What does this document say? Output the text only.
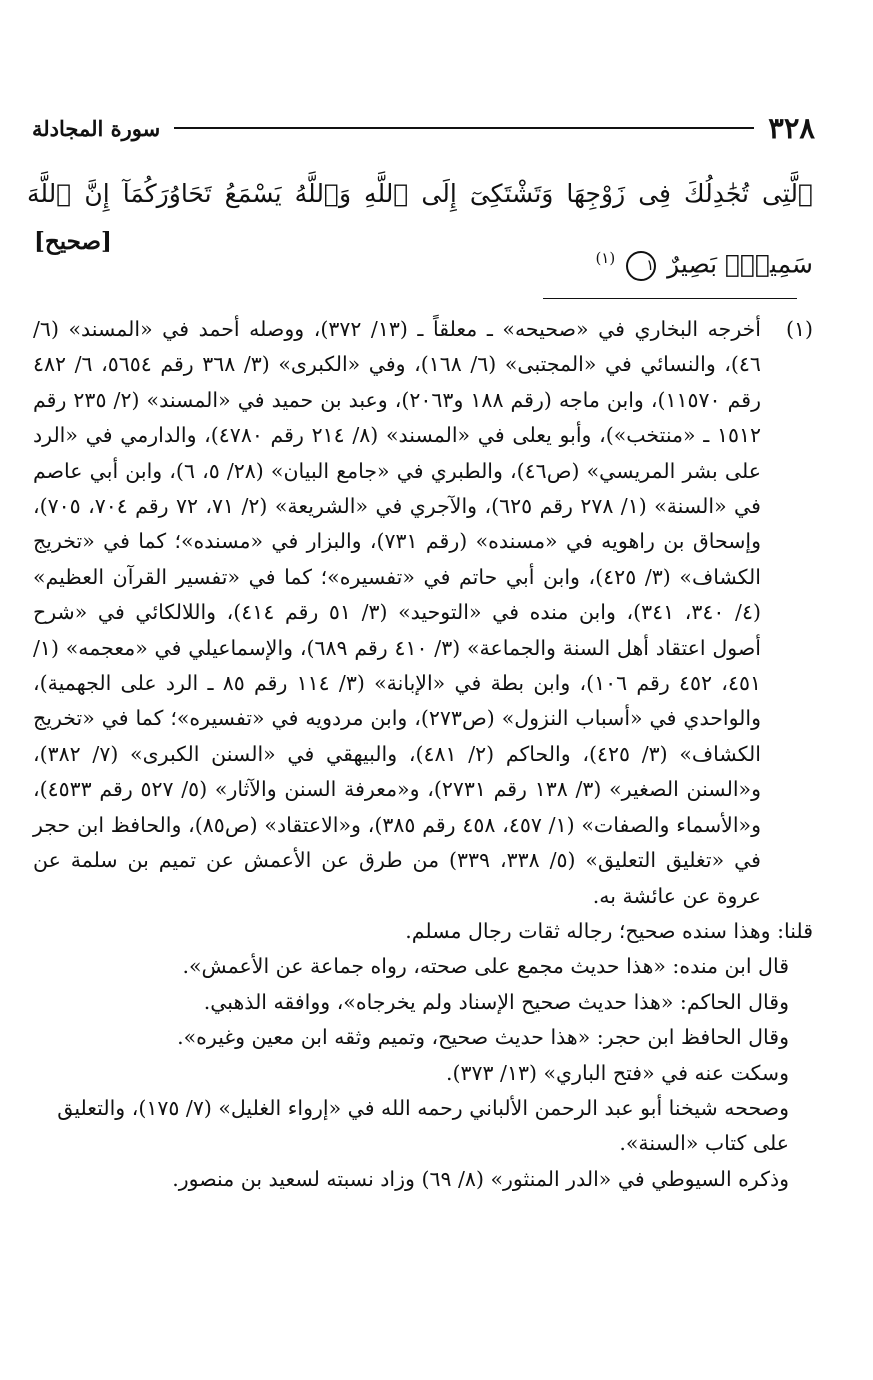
سورة المجادلة	٣٢٨
ٱلَّتِى تُجَٰدِلُكَ فِى زَوْجِهَا وَتَشْتَكِىٓ إِلَى ٱللَّهِ وَٱللَّهُ يَسْمَعُ تَحَاوُرَكُمَآ إِنَّ ٱللَّهَ سَمِيعٌۢ بَصِيرٌ ١ $^{(١)}$
[صحيح]
(١)

أخرجه البخاري في «صحيحه» ـ معلقاً ـ (١٣/ ٣٧٢)، ووصله أحمد في «المسند» (٦/ ٤٦)، والنسائي في «المجتبى» (٦/ ١٦٨)، وفي «الكبرى» (٣/ ٣٦٨ رقم ٥٦٥٤، ٦/ ٤٨٢ رقم ١١٥٧٠)، وابن ماجه (رقم ١٨٨ و٢٠٦٣)، وعبد بن حميد في «المسند» (٢/ ٢٣٥ رقم ١٥١٢ ـ «منتخب»)، وأبو يعلى في «المسند» (٨/ ٢١٤ رقم ٤٧٨٠)، والدارمي في «الرد على بشر المريسي» (ص٤٦)، والطبري في «جامع البيان» (٢٨/ ٥، ٦)، وابن أبي عاصم في «السنة» (١/ ٢٧٨ رقم ٦٢٥)، والآجري في «الشريعة» (٢/ ٧١، ٧٢ رقم ٧٠٤، ٧٠٥)، وإسحاق بن راهويه في «مسنده» (رقم ٧٣١)، والبزار في «مسنده»؛ كما في «تخريج الكشاف» (٣/ ٤٢٥)، وابن أبي حاتم في «تفسيره»؛ كما في «تفسير القرآن العظيم» (٤/ ٣٤٠، ٣٤١)، وابن منده في «التوحيد» (٣/ ٥١ رقم ٤١٤)، واللالكائي في «شرح أصول اعتقاد أهل السنة والجماعة» (٣/ ٤١٠ رقم ٦٨٩)، والإسماعيلي في «معجمه» (١/ ٤٥١، ٤٥٢ رقم ١٠٦)، وابن بطة في «الإبانة» (٣/ ١١٤ رقم ٨٥ ـ الرد على الجهمية)، والواحدي في «أسباب النزول» (ص٢٧٣)، وابن مردويه في «تفسيره»؛ كما في «تخريج الكشاف» (٣/ ٤٢٥)، والحاكم (٢/ ٤٨١)، والبيهقي في «السنن الكبرى» (٧/ ٣٨٢)، و«السنن الصغير» (٣/ ١٣٨ رقم ٢٧٣١)، و«معرفة السنن والآثار» (٥/ ٥٢٧ رقم ٤٥٣٣)، و«الأسماء والصفات» (١/ ٤٥٧، ٤٥٨ رقم ٣٨٥)، و«الاعتقاد» (ص٨٥)، والحافظ ابن حجر في «تغليق التعليق» (٥/ ٣٣٨، ٣٣٩) من طرق عن الأعمش عن تميم بن سلمة عن عروة عن عائشة به.

قلنا: وهذا سنده صحيح؛ رجاله ثقات رجال مسلم.

قال ابن منده: «هذا حديث مجمع على صحته، رواه جماعة عن الأعمش».

وقال الحاكم: «هذا حديث صحيح الإسناد ولم يخرجاه»، ووافقه الذهبي.

وقال الحافظ ابن حجر: «هذا حديث صحيح، وتميم وثقه ابن معين وغيره».

وسكت عنه في «فتح الباري» (١٣/ ٣٧٣).

وصححه شيخنا أبو عبد الرحمن الألباني رحمه الله في «إرواء الغليل» (٧/ ١٧٥)، والتعليق على كتاب «السنة».

وذكره السيوطي في «الدر المنثور» (٨/ ٦٩) وزاد نسبته لسعيد بن منصور.
